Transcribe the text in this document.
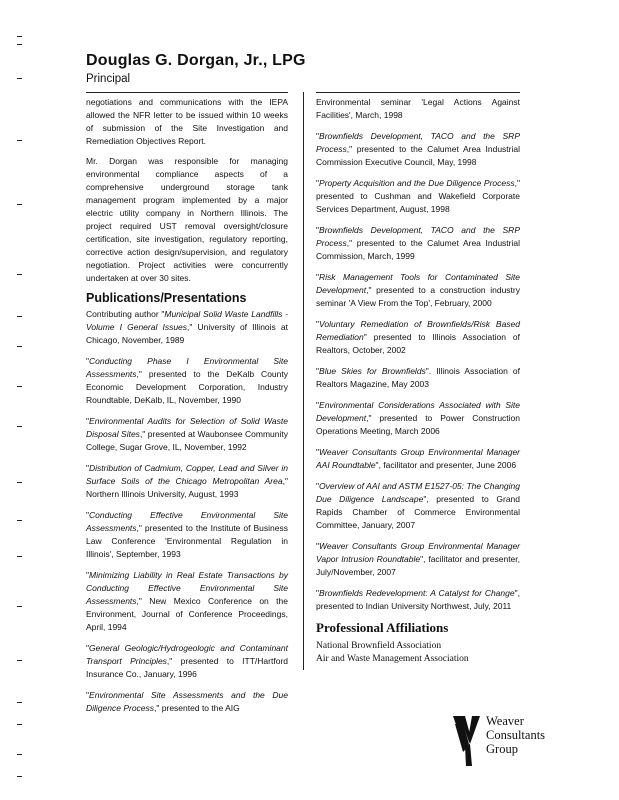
Douglas G. Dorgan, Jr., LPG
Principal

negotiations and communications with the IEPA allowed the NFR letter to be issued within 10 weeks of submission of the Site Investigation and Remediation Objectives Report.

Mr. Dorgan was responsible for managing environmental compliance aspects of a comprehensive underground storage tank management program implemented by a major electric utility company in Northern Illinois. The project required UST removal oversight/closure certification, site investigation, regulatory reporting, corrective action design/supervision, and regulatory negotiation. Project activities were concurrently undertaken at over 30 sites.

Publications/Presentations
Contributing author "Municipal Solid Waste Landfills - Volume I General Issues," University of Illinois at Chicago, November, 1989
"Conducting Phase I Environmental Site Assessments," presented to the DeKalb County Economic Development Corporation, Industry Roundtable, DeKalb, IL, November, 1990
"Environmental Audits for Selection of Solid Waste Disposal Sites," presented at Waubonsee Community College, Sugar Grove, IL, November, 1992
"Distribution of Cadmium, Copper, Lead and Silver in Surface Soils of the Chicago Metropolitan Area," Northern Illinois University, August, 1993
"Conducting Effective Environmental Site Assessments," presented to the Institute of Business Law Conference 'Environmental Regulation in Illinois', September, 1993
"Minimizing Liability in Real Estate Transactions by Conducting Effective Environmental Site Assessments," New Mexico Conference on the Environment, Journal of Conference Proceedings, April, 1994
"General Geologic/Hydrogeologic and Contaminant Transport Principles," presented to ITT/Hartford Insurance Co., January, 1996
"Environmental Site Assessments and the Due Diligence Process," presented to the AIG
Environmental seminar 'Legal Actions Against Facilities', March, 1998
"Brownfields Development, TACO and the SRP Process," presented to the Calumet Area Industrial Commission Executive Council, May, 1998
"Property Acquisition and the Due Diligence Process," presented to Cushman and Wakefield Corporate Services Department, August, 1998
"Brownfields Development, TACO and the SRP Process," presented to the Calumet Area Industrial Commission, March, 1999
"Risk Management Tools for Contaminated Site Development," presented to a construction industry seminar 'A View From the Top', February, 2000
"Voluntary Remediation of Brownfields/Risk Based Remediation" presented to Illinois Association of Realtors, October, 2002
"Blue Skies for Brownfields". Illinois Association of Realtors Magazine, May 2003
"Environmental Considerations Associated with Site Development," presented to Power Construction Operations Meeting, March 2006
"Weaver Consultants Group Environmental Manager AAI Roundtable", facilitator and presenter, June 2006
"Overview of AAI and ASTM E1527-05: The Changing Due Diligence Landscape", presented to Grand Rapids Chamber of Commerce Environmental Committee, January, 2007
"Weaver Consultants Group Environmental Manager Vapor Intrusion Roundtable", facilitator and presenter, July/November, 2007
"Brownfields Redevelopment: A Catalyst for Change", presented to Indian University Northwest, July, 2011
Professional Affiliations
National Brownfield Association
Air and Waste Management Association
Weaver
Consultants
Group
